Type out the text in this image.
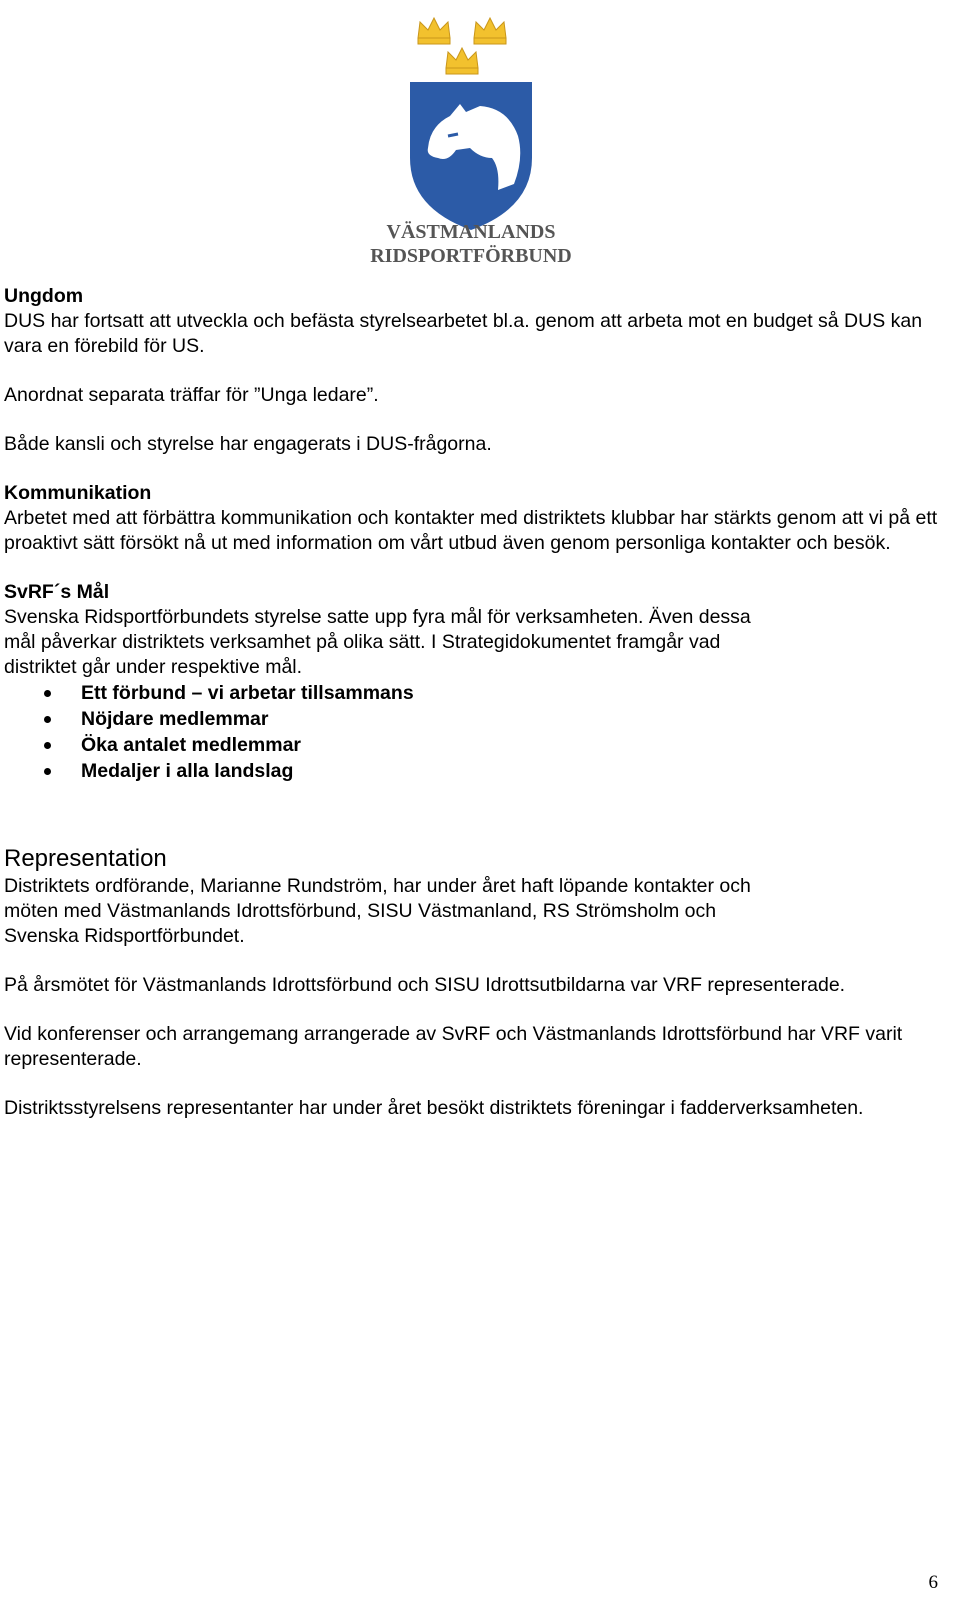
VÄSTMANLANDS
RIDSPORTFÖRBUND

Ungdom

DUS har fortsatt att utveckla och befästa styrelsearbetet bl.a. genom att arbeta mot en budget så DUS kan vara en förebild för US.

Anordnat separata träffar för ”Unga ledare”.

Både kansli och styrelse har engagerats i DUS-frågorna.

Kommunikation

Arbetet med att förbättra kommunikation och kontakter med distriktets klubbar har stärkts genom att vi på ett proaktivt sätt försökt nå ut med information om vårt utbud även genom personliga kontakter och besök.

SvRF´s Mål

Svenska Ridsportförbundets styrelse satte upp fyra mål för verksamheten. Även dessa

mål påverkar distriktets verksamhet på olika sätt. I Strategidokumentet framgår vad

distriktet går under respektive mål.

Ett förbund – vi arbetar tillsammans
Nöjdare medlemmar
Öka antalet medlemmar
Medaljer i alla landslag

Representation

Distriktets ordförande, Marianne Rundström, har under året haft löpande kontakter och

möten med Västmanlands Idrottsförbund, SISU Västmanland, RS Strömsholm och

Svenska Ridsportförbundet.

På årsmötet för Västmanlands Idrottsförbund och SISU Idrottsutbildarna var VRF representerade.

Vid konferenser och arrangemang arrangerade av SvRF och Västmanlands Idrottsförbund har VRF varit representerade.

Distriktsstyrelsens representanter har under året besökt distriktets föreningar i fadderverksamheten.

6
